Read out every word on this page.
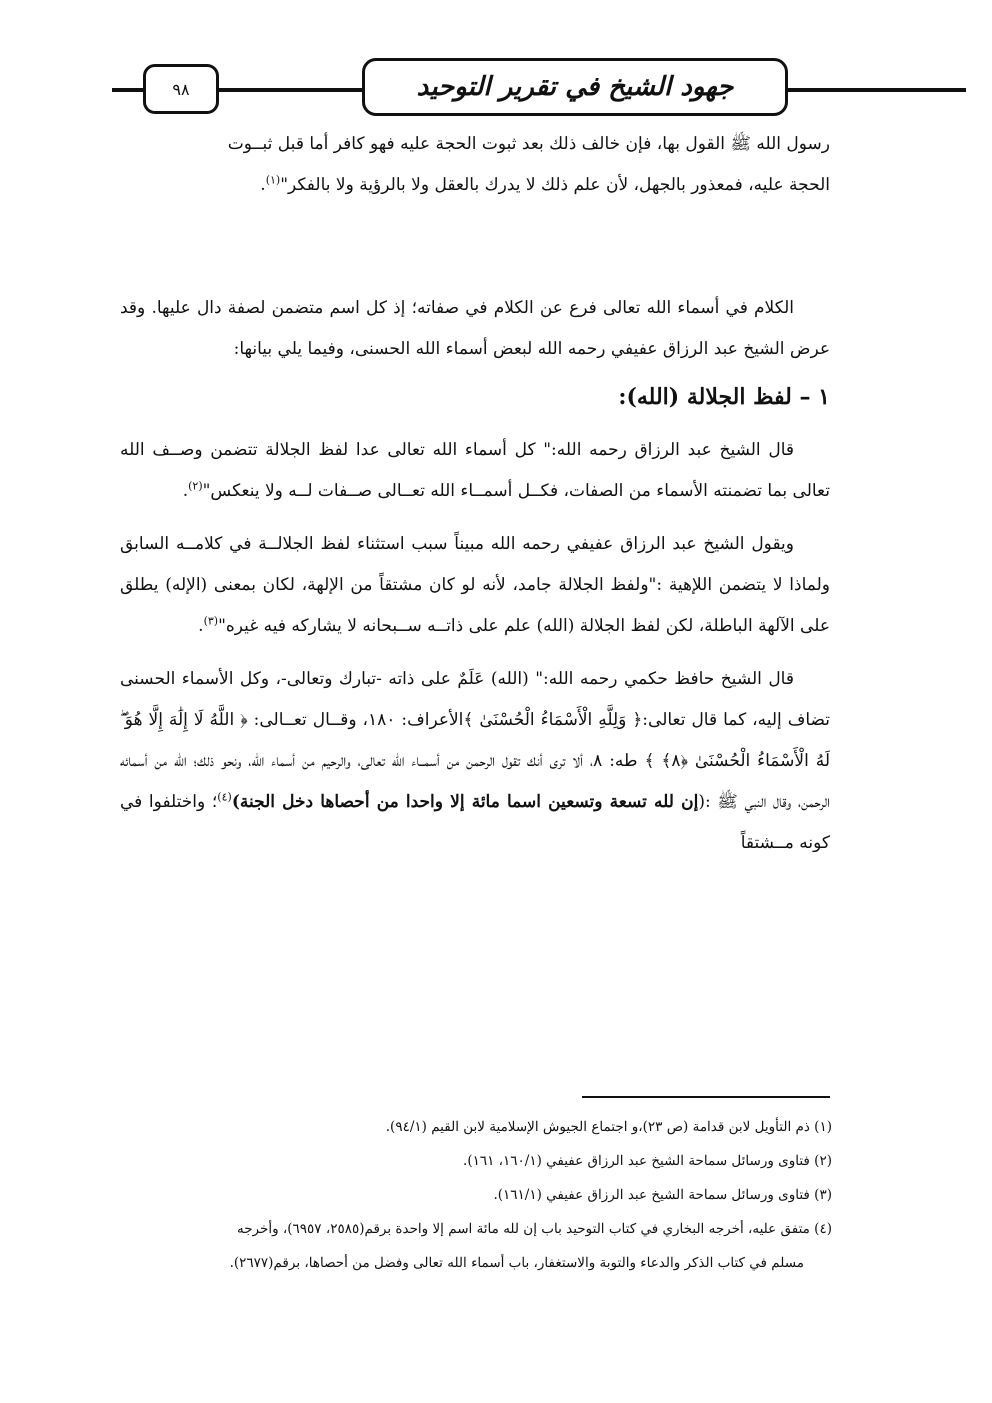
٩٨	جهود الشيخ في تقرير التوحيد

رسول الله ﷺ القول بها، فإن خالف ذلك بعد ثبوت الحجة عليه فهو كافر أما قبل ثبــوت

الحجة عليه، فمعذور بالجهل، لأن علم ذلك لا يدرك بالعقل ولا بالرؤية ولا بالفكر"$^{(١)}$.

الكلام في أسماء الله تعالى فرع عن الكلام في صفاته؛ إذ كل اسم متضمن لصفة دال عليها. وقد عرض الشيخ عبد الرزاق عفيفي رحمه الله لبعض أسماء الله الحسنى، وفيما يلي بيانها:

١ – لفظ الجلالة (الله):

قال الشيخ عبد الرزاق رحمه الله:" كل أسماء الله تعالى عدا لفظ الجلالة تتضمن وصــف الله تعالى بما تضمنته الأسماء من الصفات، فكــل أسمــاء الله تعــالى صــفات لــه ولا ينعكس"$^{(٢)}$.

ويقول الشيخ عبد الرزاق عفيفي رحمه الله مبيناً سبب استثناء لفظ الجلالــة في كلامــه السابق ولماذا لا يتضمن اللإهية :"ولفظ الجلالة جامد، لأنه لو كان مشتقاً من الإلهة، لكان بمعنى (الإله) يطلق على الآلهة الباطلة، لكن لفظ الجلالة (الله) علم على ذاتــه ســبحانه لا يشاركه فيه غيره"$^{(٣)}$.

قال الشيخ حافظ حكمي رحمه الله:" (الله) عَلَمٌ على ذاته -تبارك وتعالى-، وكل الأسماء الحسنى تضاف إليه، كما قال تعالى:﴿ وَلِلَّهِ الْأَسْمَاءُ الْحُسْنَىٰ ﴾الأعراف: ١٨٠، وقــال تعــالى: ﴿ اللَّهُ لَا إِلَٰهَ إِلَّا هُوَ ۖ لَهُ الْأَسْمَاءُ الْحُسْنَىٰ ﴿٨﴾ ﴾ طه: ٨، ألا ترى أنك تقول الرحمن من أسمــاء الله تعالى، والرحيم من أسماء الله، ونحو ذلك؛ الله من أسمائه الرحمن، وقال النبي ﷺ :(إن لله تسعة وتسعين اسما مائة إلا واحدا من أحصاها دخل الجنة)$^{(٤)}$؛ واختلفوا في كونه مــشتقاً

(١) ذم التأويل لابن قدامة (ص ٢٣)،و اجتماع الجيوش الإسلامية لابن القيم (٩٤/١).

(٢) فتاوى ورسائل سماحة الشيخ عبد الرزاق عفيفي (١٦٠/١، ١٦١).

(٣) فتاوى ورسائل سماحة الشيخ عبد الرزاق عفيفي (١٦١/١).

(٤) متفق عليه، أخرجه البخاري في كتاب التوحيد باب إن لله مائة اسم إلا واحدة برقم(٢٥٨٥، ٦٩٥٧)، وأخرجه

مسلم في كتاب الذكر والدعاء والتوبة والاستغفار، باب أسماء الله تعالى وفضل من أحصاها، برقم(٢٦٧٧).
